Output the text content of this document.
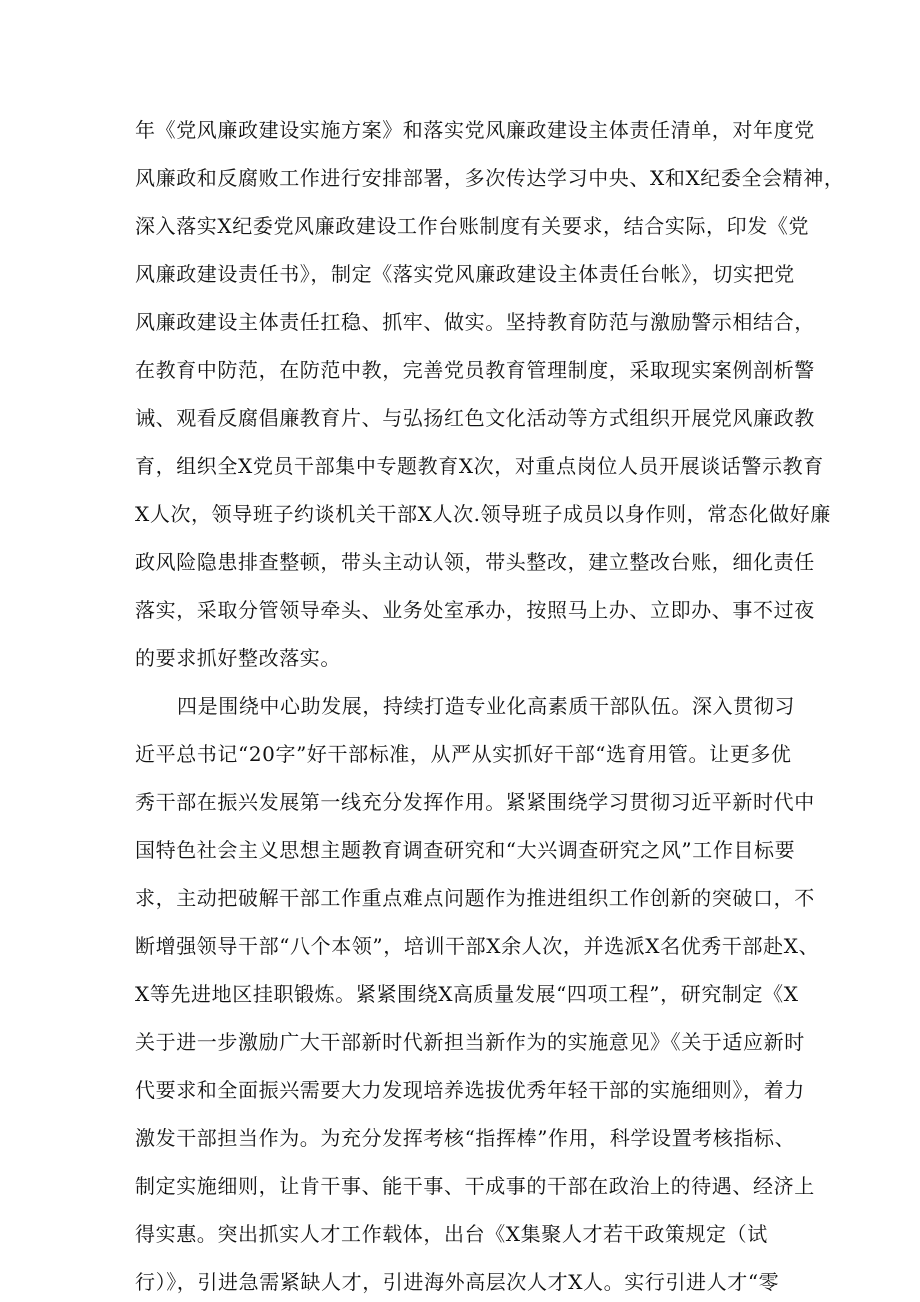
年《党风廉政建设实施方案》和落实党风廉政建设主体责任清单，对年度党
风廉政和反腐败工作进行安排部署，多次传达学习中央、X和X纪委全会精神，
深入落实X纪委党风廉政建设工作台账制度有关要求，结合实际，印发《党
风廉政建设责任书》，制定《落实党风廉政建设主体责任台帐》，切实把党
风廉政建设主体责任扛稳、抓牢、做实。坚持教育防范与激励警示相结合，
在教育中防范，在防范中教，完善党员教育管理制度，采取现实案例剖析警
诫、观看反腐倡廉教育片、与弘扬红色文化活动等方式组织开展党风廉政教
育，组织全X党员干部集中专题教育X次，对重点岗位人员开展谈话警示教育
X人次，领导班子约谈机关干部X人次.领导班子成员以身作则，常态化做好廉
政风险隐患排查整顿，带头主动认领，带头整改，建立整改台账，细化责任
落实，采取分管领导牵头、业务处室承办，按照马上办、立即办、事不过夜
的要求抓好整改落实。
四是围绕中心助发展，持续打造专业化高素质干部队伍。深入贯彻习
近平总书记“20字”好干部标准，从严从实抓好干部“选育用管。让更多优
秀干部在振兴发展第一线充分发挥作用。紧紧围绕学习贯彻习近平新时代中
国特色社会主义思想主题教育调查研究和“大兴调查研究之风”工作目标要
求，主动把破解干部工作重点难点问题作为推进组织工作创新的突破口，不
断增强领导干部“八个本领”，培训干部X余人次，并选派X名优秀干部赴X、
X等先进地区挂职锻炼。紧紧围绕X高质量发展“四项工程”，研究制定《X
关于进一步激励广大干部新时代新担当新作为的实施意见》《关于适应新时
代要求和全面振兴需要大力发现培养选拔优秀年轻干部的实施细则》，着力
激发干部担当作为。为充分发挥考核“指挥棒”作用，科学设置考核指标、
制定实施细则，让肯干事、能干事、干成事的干部在政治上的待遇、经济上
得实惠。突出抓实人才工作载体，出台《X集聚人才若干政策规定（试
行）》，引进急需紧缺人才，引进海外高层次人才X人。实行引进人才“零
